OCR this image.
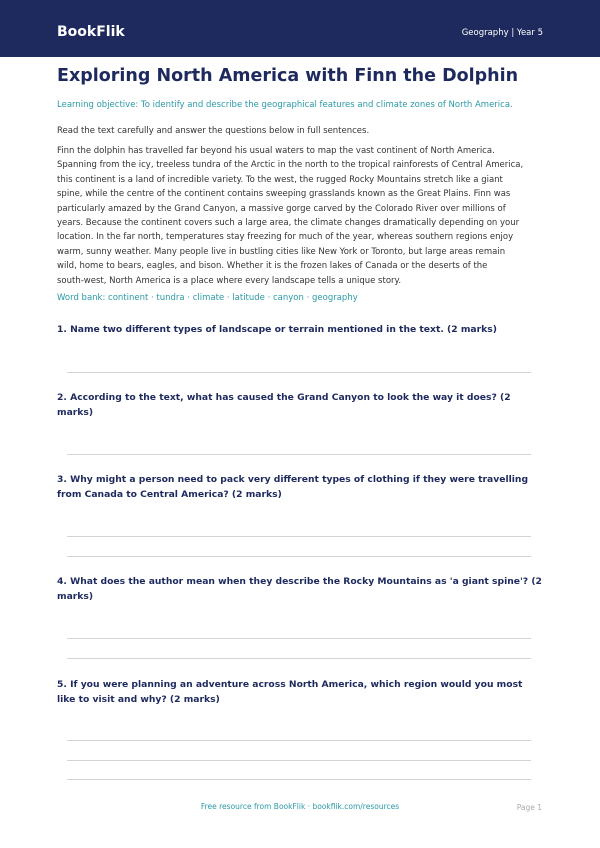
BookFlik	Geography | Year 5
Exploring North America with Finn the Dolphin
Learning objective: To identify and describe the geographical features and climate zones of North America.
Read the text carefully and answer the questions below in full sentences.
Finn the dolphin has travelled far beyond his usual waters to map the vast continent of North America.
Spanning from the icy, treeless tundra of the Arctic in the north to the tropical rainforests of Central America,
this continent is a land of incredible variety. To the west, the rugged Rocky Mountains stretch like a giant
spine, while the centre of the continent contains sweeping grasslands known as the Great Plains. Finn was
particularly amazed by the Grand Canyon, a massive gorge carved by the Colorado River over millions of
years. Because the continent covers such a large area, the climate changes dramatically depending on your
location. In the far north, temperatures stay freezing for much of the year, whereas southern regions enjoy
warm, sunny weather. Many people live in bustling cities like New York or Toronto, but large areas remain
wild, home to bears, eagles, and bison. Whether it is the frozen lakes of Canada or the deserts of the
south-west, North America is a place where every landscape tells a unique story.
Word bank: continent · tundra · climate · latitude · canyon · geography
1. Name two different types of landscape or terrain mentioned in the text. (2 marks)
2. According to the text, what has caused the Grand Canyon to look the way it does? (2 marks)
3. Why might a person need to pack very different types of clothing if they were travelling from Canada to Central America? (2 marks)
4. What does the author mean when they describe the Rocky Mountains as 'a giant spine'? (2 marks)
5. If you were planning an adventure across North America, which region would you most like to visit and why? (2 marks)
Free resource from BookFlik · bookflik.com/resources	Page 1
